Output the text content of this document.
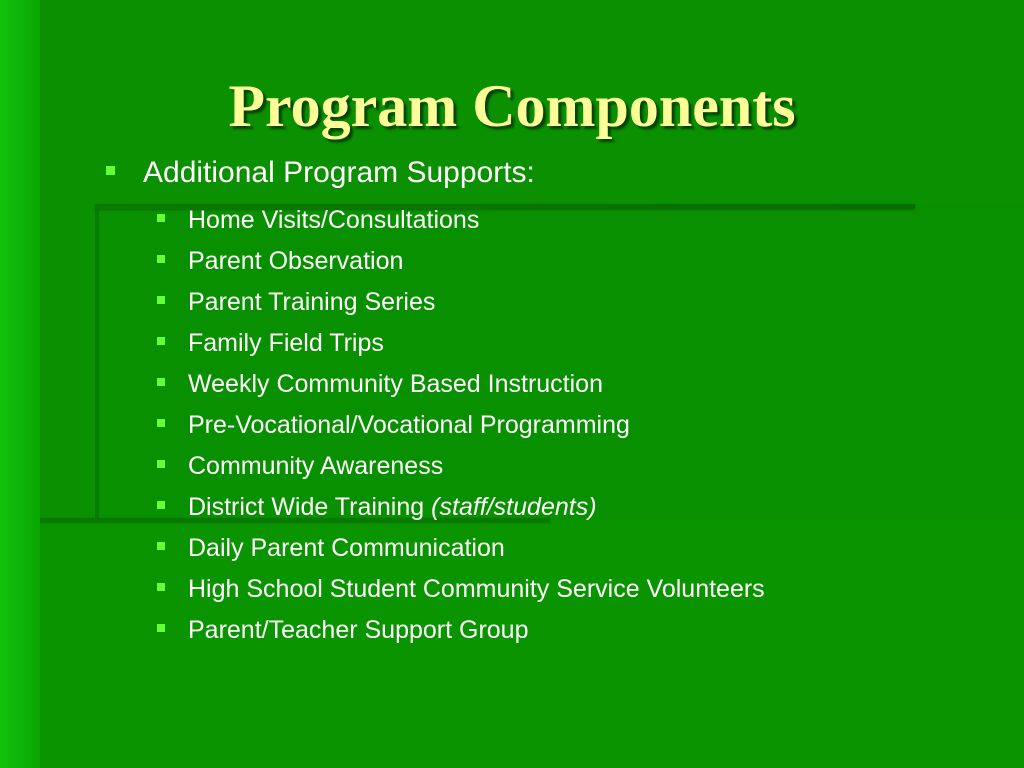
Program Components
Additional Program Supports:
Home Visits/Consultations
Parent Observation
Parent Training Series
Family Field Trips
Weekly Community Based Instruction
Pre-Vocational/Vocational Programming
Community Awareness
District Wide Training (staff/students)
Daily Parent Communication
High School Student Community Service Volunteers
Parent/Teacher Support Group
